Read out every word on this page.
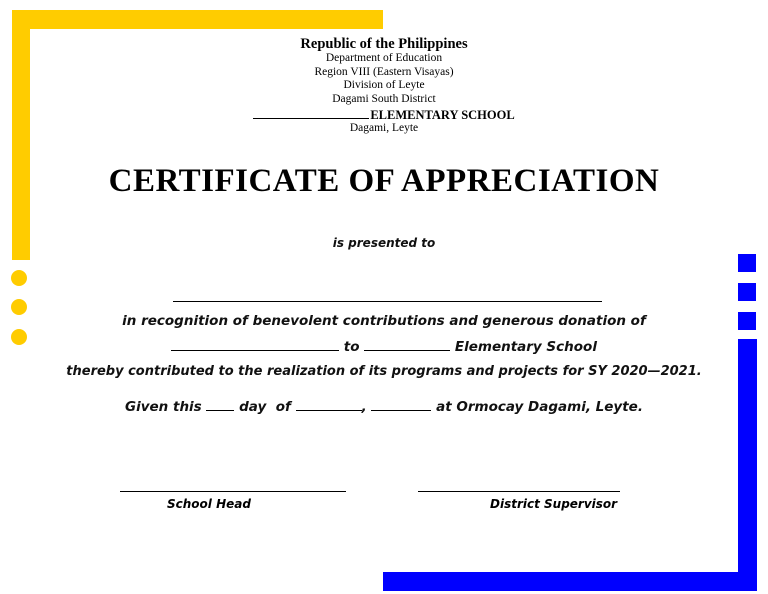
Republic of the Philippines
Department of Education
Region VIII (Eastern Visayas)
Division of Leyte
Dagami South District
ELEMENTARY SCHOOL
Dagami, Leyte
CERTIFICATE OF APPRECIATION
is presented to
in recognition of benevolent contributions and generous donation of
to	Elementary School
thereby contributed to the realization of its programs and projects for SY 2020—2021.
Given this	day of	,	at Ormocay Dagami, Leyte.
School Head	District Supervisor
